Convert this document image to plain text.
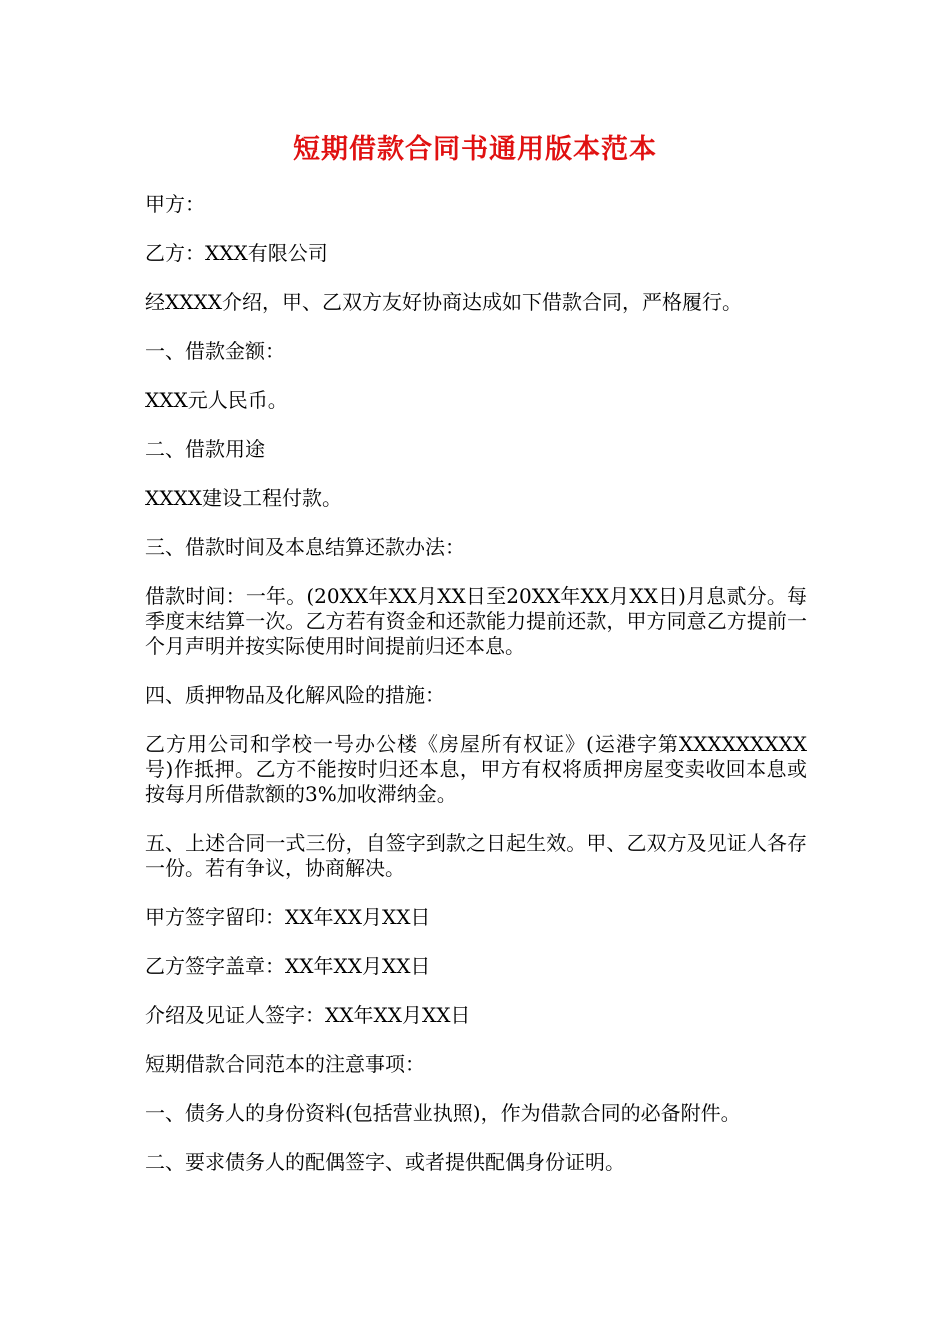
短期借款合同书通用版本范本

甲方：

乙方：XXX有限公司

经XXXX介绍，甲、乙双方友好协商达成如下借款合同，严格履行。

一、借款金额：

XXX元人民币。

二、借款用途

XXXX建设工程付款。

三、借款时间及本息结算还款办法：

借款时间：一年。(20XX年XX月XX日至20XX年XX月XX日)月息贰分。每季度末结算一次。乙方若有资金和还款能力提前还款，甲方同意乙方提前一个月声明并按实际使用时间提前归还本息。

四、质押物品及化解风险的措施：

乙方用公司和学校一号办公楼《房屋所有权证》(运港字第XXXXXXXXX号)作抵押。乙方不能按时归还本息，甲方有权将质押房屋变卖收回本息或按每月所借款额的3%加收滞纳金。

五、上述合同一式三份，自签字到款之日起生效。甲、乙双方及见证人各存一份。若有争议，协商解决。

甲方签字留印：XX年XX月XX日

乙方签字盖章：XX年XX月XX日

介绍及见证人签字：XX年XX月XX日

短期借款合同范本的注意事项：

一、债务人的身份资料(包括营业执照)，作为借款合同的必备附件。

二、要求债务人的配偶签字、或者提供配偶身份证明。
